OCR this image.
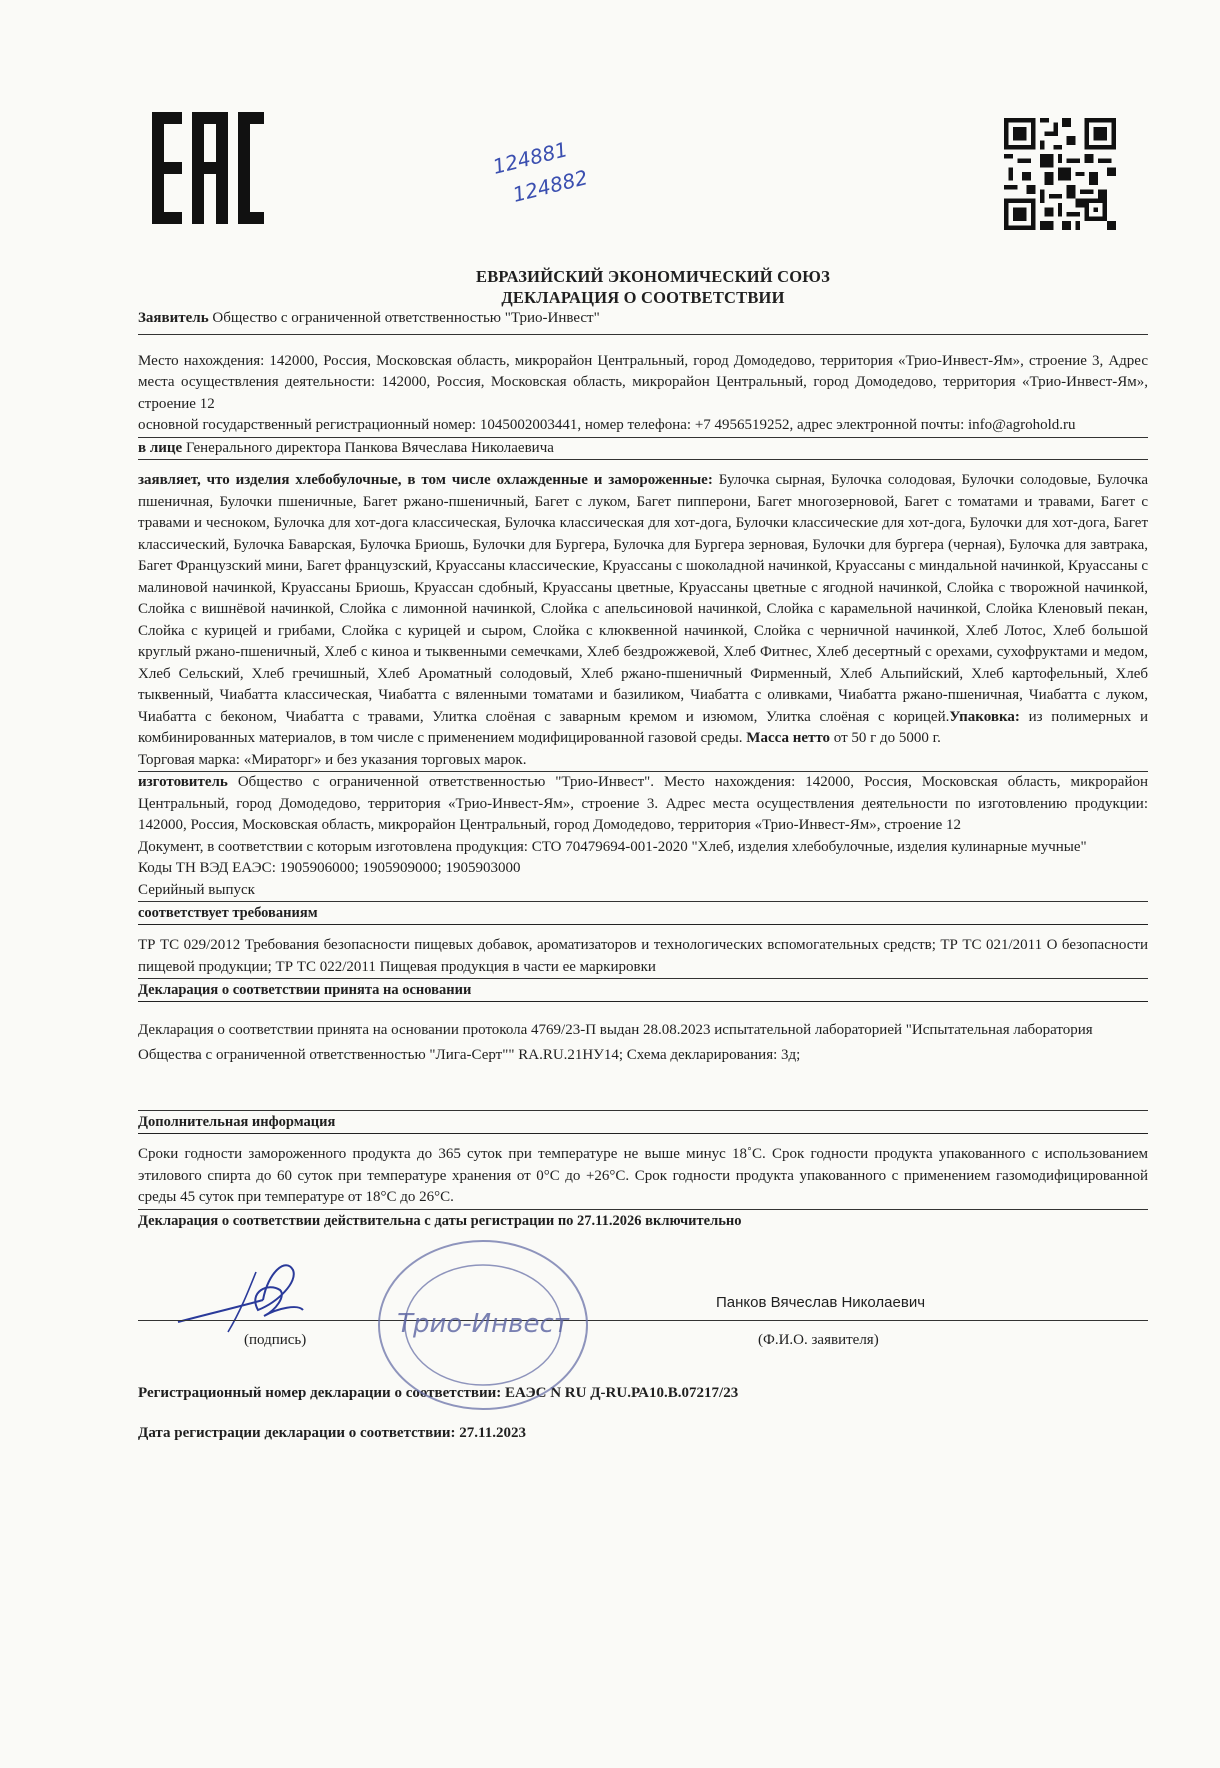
124881
124882
ЕВРАЗИЙСКИЙ ЭКОНОМИЧЕСКИЙ СОЮЗ
ДЕКЛАРАЦИЯ О СООТВЕТСТВИИ
Заявитель Общество с ограниченной ответственностью "Трио-Инвест"

Место нахождения: 142000, Россия, Московская область, микрорайон Центральный, город Домодедово, территория «Трио-Инвест-Ям», строение 3, Адрес места осуществления деятельности: 142000, Россия, Московская область, микрорайон Центральный, город Домодедово, территория «Трио-Инвест-Ям», строение 12

основной государственный регистрационный номер: 1045002003441, номер телефона: +7 4956519252, адрес электронной почты: info@agrohold.ru

в лице Генерального директора Панкова Вячеслава Николаевича

заявляет, что изделия хлебобулочные, в том числе охлажденные и замороженные: Булочка сырная, Булочка солодовая, Булочки солодовые, Булочка пшеничная, Булочки пшеничные, Багет ржано-пшеничный, Багет с луком, Багет пипперони, Багет многозерновой, Багет с томатами и травами, Багет с травами и чесноком, Булочка для хот-дога классическая, Булочка классическая для хот-дога, Булочки классические для хот-дога, Булочки для хот-дога, Багет классический, Булочка Баварская, Булочка Бриошь, Булочки для Бургера, Булочка для Бургера зерновая, Булочки для бургера (черная), Булочка для завтрака, Багет Французский мини, Багет французский, Круассаны классические, Круассаны с шоколадной начинкой, Круассаны с миндальной начинкой, Круассаны с малиновой начинкой, Круассаны Бриошь, Круассан сдобный, Круассаны цветные, Круассаны цветные с ягодной начинкой, Слойка с творожной начинкой, Слойка с вишнёвой начинкой, Слойка с лимонной начинкой, Слойка с апельсиновой начинкой, Слойка с карамельной начинкой, Слойка Кленовый пекан, Слойка с курицей и грибами, Слойка с курицей и сыром, Слойка с клюквенной начинкой, Слойка с черничной начинкой, Хлеб Лотос, Хлеб большой круглый ржано-пшеничный, Хлеб с киноа и тыквенными семечками, Хлеб бездрожжевой, Хлеб Фитнес, Хлеб десертный с орехами, сухофруктами и медом, Хлеб Сельский, Хлеб гречишный, Хлеб Ароматный солодовый, Хлеб ржано-пшеничный Фирменный, Хлеб Альпийский, Хлеб картофельный, Хлеб тыквенный, Чиабатта классическая, Чиабатта с вяленными томатами и базиликом, Чиабатта с оливками, Чиабатта ржано-пшеничная, Чиабатта с луком, Чиабатта с беконом, Чиабатта с травами, Улитка слоёная с заварным кремом и изюмом, Улитка слоёная с корицей.Упаковка: из полимерных и комбинированных материалов, в том числе с применением модифицированной газовой среды. Масса нетто от 50 г до 5000 г.

Торговая марка: «Мираторг» и без указания торговых марок.

изготовитель Общество с ограниченной ответственностью "Трио-Инвест". Место нахождения: 142000, Россия, Московская область, микрорайон Центральный, город Домодедово, территория «Трио-Инвест-Ям», строение 3. Адрес места осуществления деятельности по изготовлению продукции: 142000, Россия, Московская область, микрорайон Центральный, город Домодедово, территория «Трио-Инвест-Ям», строение 12

Документ, в соответствии с которым изготовлена продукция: СТО 70479694-001-2020 "Хлеб, изделия хлебобулочные, изделия кулинарные мучные"

Коды ТН ВЭД ЕАЭС: 1905906000; 1905909000; 1905903000

Серийный выпуск

соответствует требованиям

ТР ТС 029/2012 Требования безопасности пищевых добавок, ароматизаторов и технологических вспомогательных средств; ТР ТС 021/2011 О безопасности пищевой продукции; ТР ТС 022/2011 Пищевая продукция в части ее маркировки

Декларация о соответствии принята на основании

Декларация о соответствии принята на основании протокола 4769/23-П выдан 28.08.2023 испытательной лабораторией "Испытательная лаборатория Общества с ограниченной ответственностью "Лига-Серт"" RA.RU.21НУ14; Схема декларирования: 3д;

Дополнительная информация

Сроки годности замороженного продукта до 365 суток при температуре не выше минус 18˚С. Срок годности продукта упакованного с использованием этилового спирта до 60 суток при температуре хранения от 0°С до +26°С. Срок годности продукта упакованного с применением газомодифицированной среды 45 суток при температуре от 18°С до 26°С.

Декларация о соответствии действительна с даты регистрации по 27.11.2026 включительно
(подпись)
Панков Вячеслав Николаевич
(Ф.И.О. заявителя)
Трио-Инвест
Регистрационный номер декларации о соответствии: ЕАЭС N RU Д-RU.РА10.В.07217/23
Дата регистрации декларации о соответствии: 27.11.2023
